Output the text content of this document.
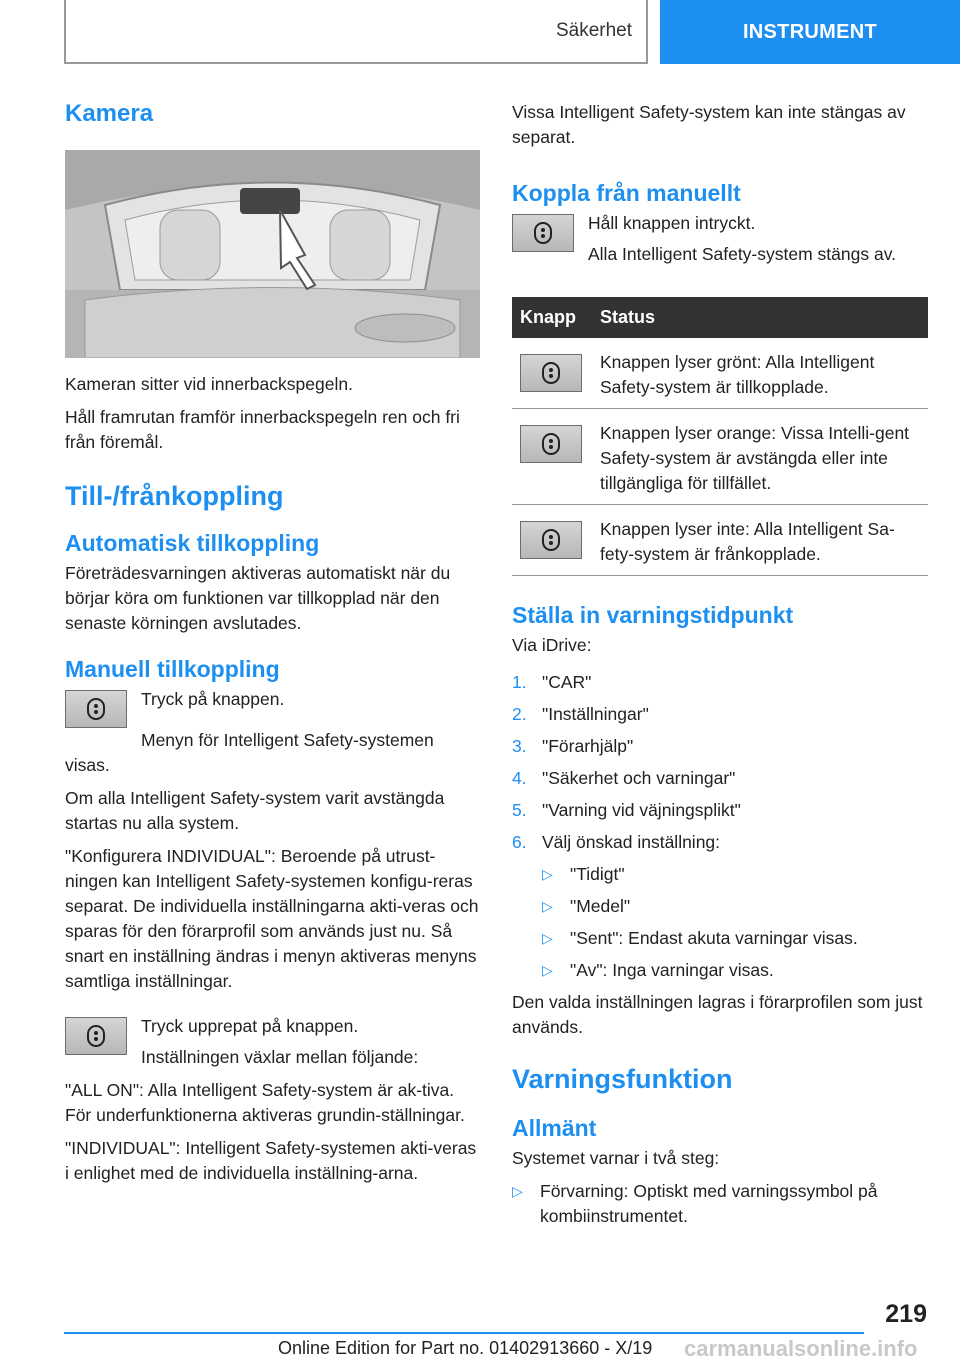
Säkerhet	INSTRUMENT
Kamera

Kameran sitter vid innerbackspegeln.

Håll framrutan framför innerbackspegeln ren och fri från föremål.

Till-/frånkoppling
Automatisk tillkoppling

Företrädesvarningen aktiveras automatiskt när du börjar köra om funktionen var tillkopplad när den senaste körningen avslutades.

Manuell tillkoppling

Tryck på knappen.

Menyn för Intelligent Safety-systemen visas.

Om alla Intelligent Safety-system varit avstängda startas nu alla system.

"Konfigurera INDIVIDUAL": Beroende på utrust-ningen kan Intelligent Safety-systemen konfigu-reras separat. De individuella inställningarna akti-veras och sparas för den förarprofil som används just nu. Så snart en inställning ändras i menyn aktiveras menyns samtliga inställningar.

Tryck upprepat på knappen.

Inställningen växlar mellan följande:

"ALL ON": Alla Intelligent Safety-system är ak-tiva. För underfunktionerna aktiveras grundin-ställningar.

"INDIVIDUAL": Intelligent Safety-systemen akti-veras i enlighet med de individuella inställning-arna.

Vissa Intelligent Safety-system kan inte stängas av separat.

Koppla från manuellt

Håll knappen intryckt.

Alla Intelligent Safety-system stängs av.

Knapp	Status

	Knappen lyser grönt: Alla Intelligent Safety-system är tillkopplade.

	Knappen lyser orange: Vissa Intelli-gent Safety-system är avstängda eller inte tillgängliga för tillfället.

	Knappen lyser inte: Alla Intelligent Sa-fety-system är frånkopplade.
Ställa in varningstidpunkt

Via iDrive:

1. "CAR"
2. "Inställningar"
3. "Förarhjälp"
4. "Säkerhet och varningar"
5. "Varning vid väjningsplikt"
6. Välj önskad inställning:
▷ "Tidigt"
▷ "Medel"
▷ "Sent": Endast akuta varningar visas.
▷ "Av": Inga varningar visas.

Den valda inställningen lagras i förarprofilen som just används.

Varningsfunktion
Allmänt

Systemet varnar i två steg:

▷ Förvarning: Optiskt med varningssymbol på kombiinstrumentet.
219
Online Edition for Part no. 01402913660 - X/19 carmanualsonline.info
